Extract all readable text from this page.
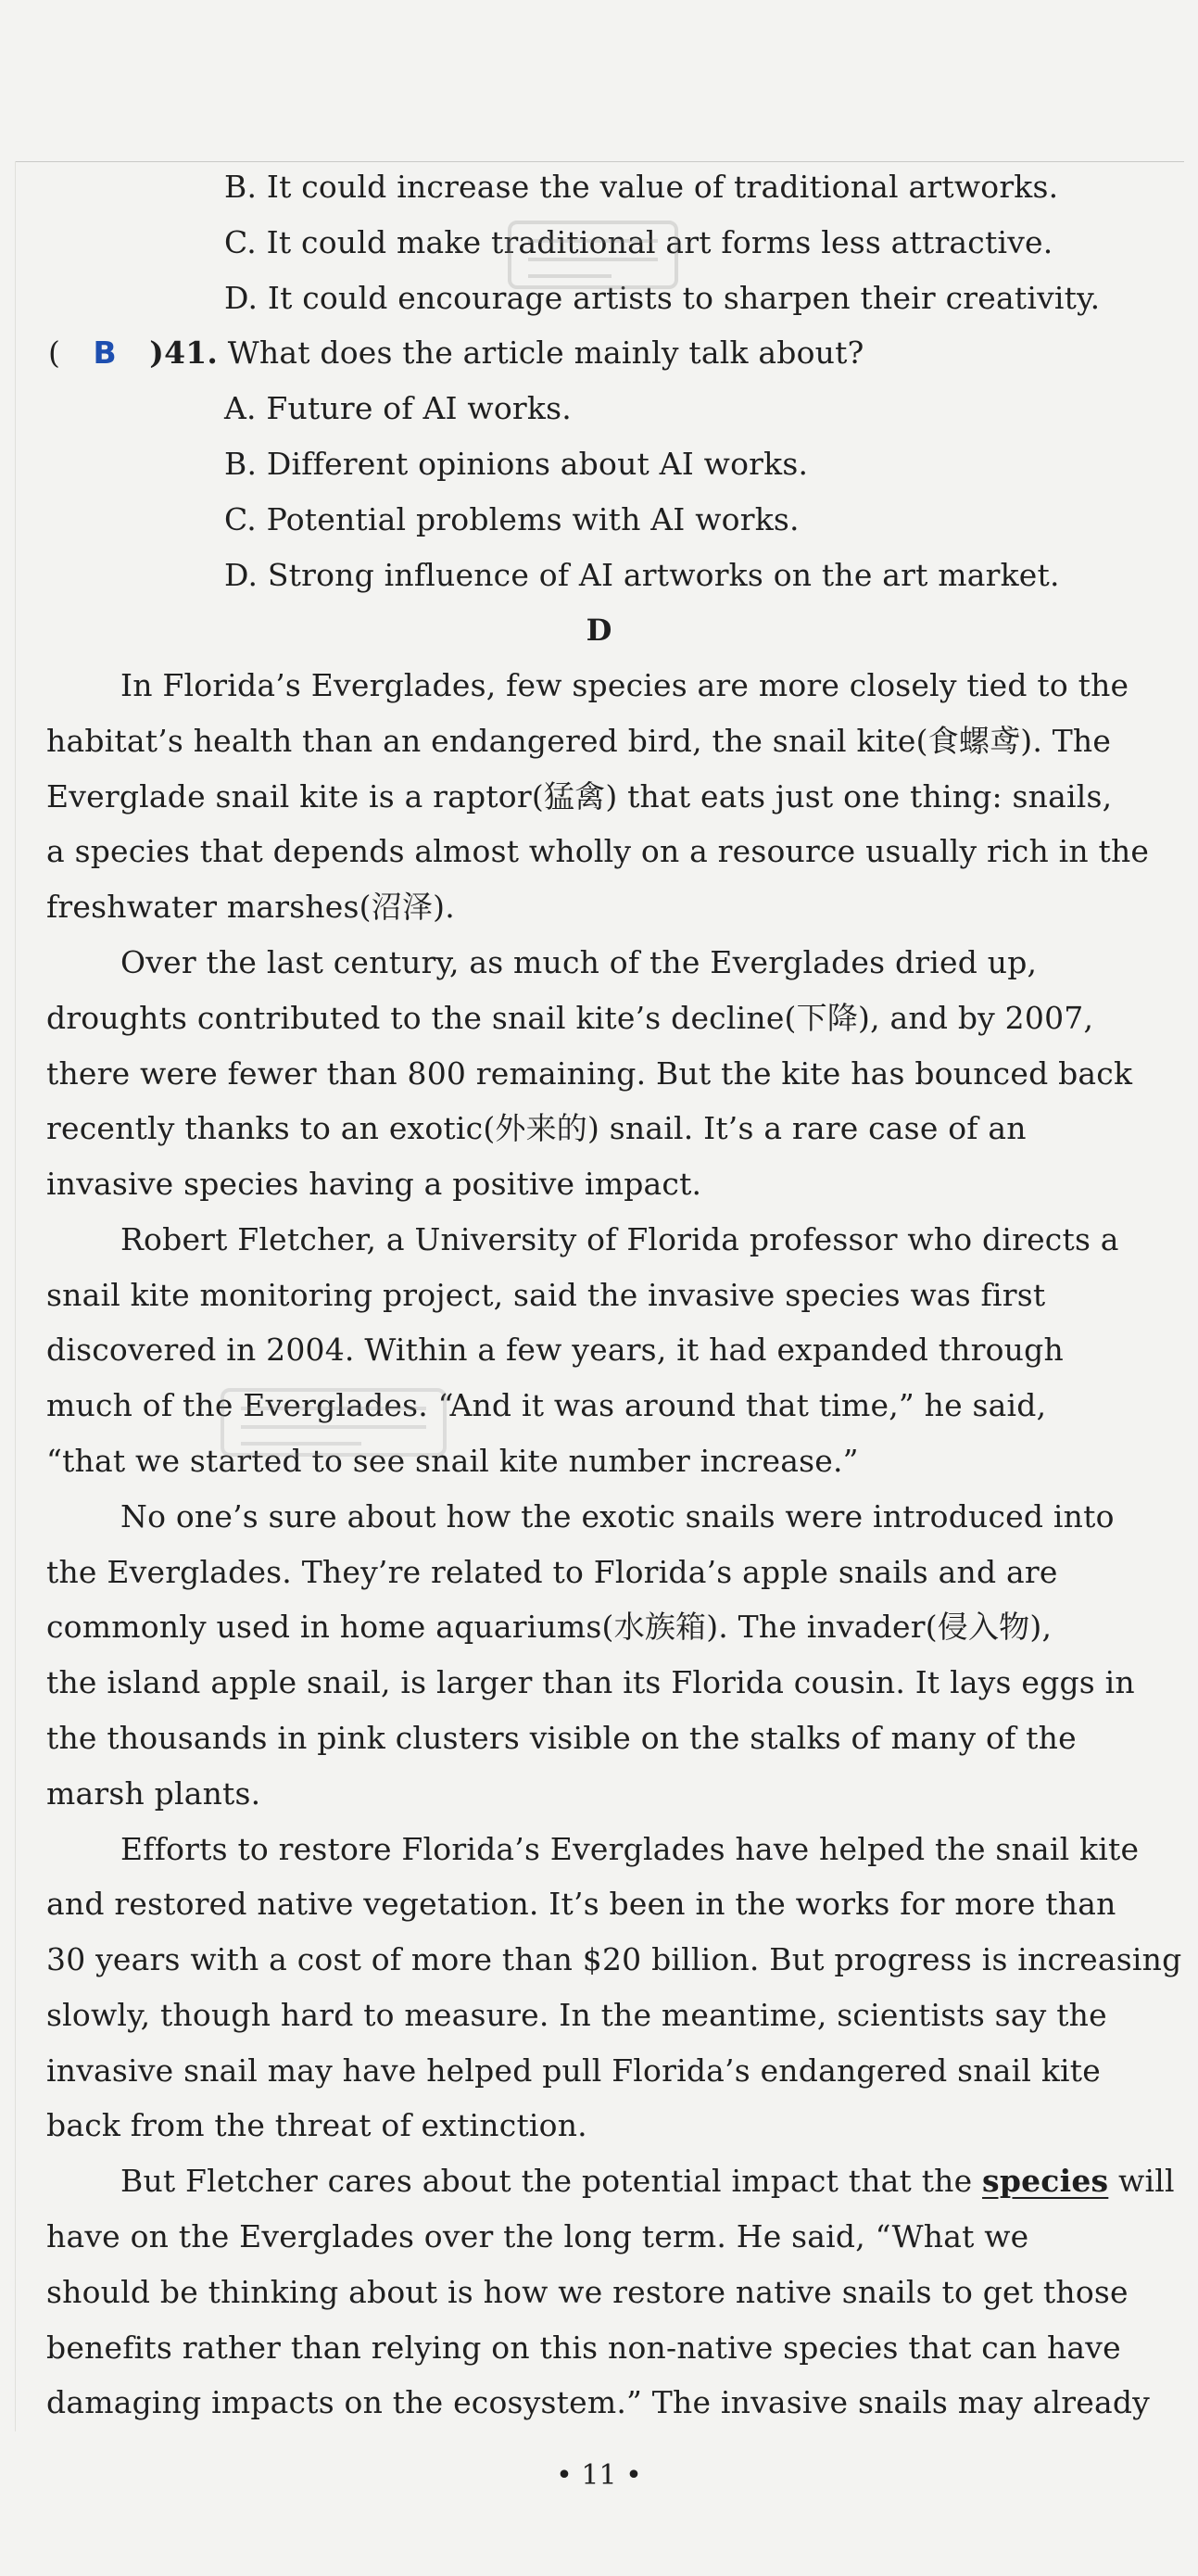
B. It could increase the value of traditional artworks.
C. It could make traditional art forms less attractive.
D. It could encourage artists to sharpen their creativity.
( B )41. What does the article mainly talk about?
A. Future of AI works.
B. Different opinions about AI works.
C. Potential problems with AI works.
D. Strong influence of AI artworks on the art market.
D
In Florida’s Everglades, few species are more closely tied to the
habitat’s health than an endangered bird, the snail kite(食螺鸢). The
Everglade snail kite is a raptor(猛禽) that eats just one thing: snails,
a species that depends almost wholly on a resource usually rich in the
freshwater marshes(沼泽).
Over the last century, as much of the Everglades dried up,
droughts contributed to the snail kite’s decline(下降), and by 2007,
there were fewer than 800 remaining. But the kite has bounced back
recently thanks to an exotic(外来的) snail. It’s a rare case of an
invasive species having a positive impact.
Robert Fletcher, a University of Florida professor who directs a
snail kite monitoring project, said the invasive species was first
discovered in 2004. Within a few years, it had expanded through
much of the Everglades. “And it was around that time,” he said,
“that we started to see snail kite number increase.”
No one’s sure about how the exotic snails were introduced into
the Everglades. They’re related to Florida’s apple snails and are
commonly used in home aquariums(水族箱). The invader(侵入物),
the island apple snail, is larger than its Florida cousin. It lays eggs in
the thousands in pink clusters visible on the stalks of many of the
marsh plants.
Efforts to restore Florida’s Everglades have helped the snail kite
and restored native vegetation. It’s been in the works for more than
30 years with a cost of more than $20 billion. But progress is increasing
slowly, though hard to measure. In the meantime, scientists say the
invasive snail may have helped pull Florida’s endangered snail kite
back from the threat of extinction.
But Fletcher cares about the potential impact that the species will
have on the Everglades over the long term. He said, “What we
should be thinking about is how we restore native snails to get those
benefits rather than relying on this non-native species that can have
damaging impacts on the ecosystem.” The invasive snails may already
• 11 •
